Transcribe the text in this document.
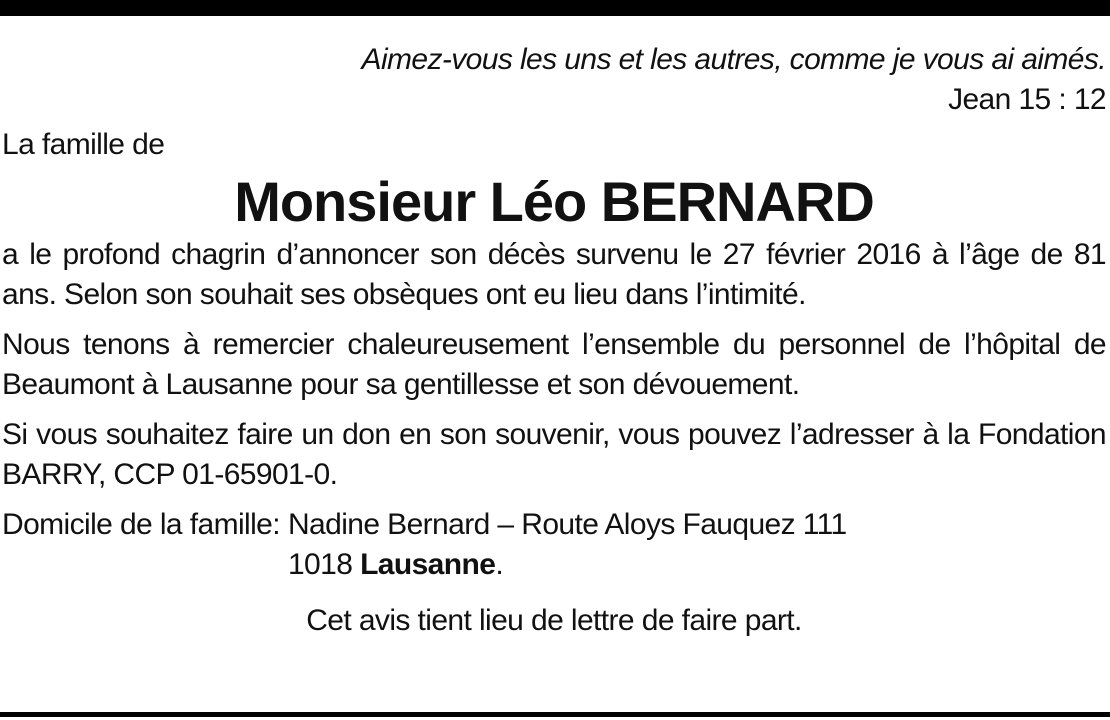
Aimez-vous les uns et les autres, comme je vous ai aimés.

Jean 15 : 12

La famille de

Monsieur Léo BERNARD

a le profond chagrin d’annoncer son décès survenu le 27 février 2016 à l’âge de 81 ans. Selon son souhait ses obsèques ont eu lieu dans l’intimité.

Nous tenons à remercier chaleureusement l’ensemble du personnel de l’hôpital de Beaumont à Lausanne pour sa gentillesse et son dévouement.

Si vous souhaitez faire un don en son souvenir, vous pouvez l’adresser à la Fondation BARRY, CCP 01-65901-0.

Domicile de la famille: Nadine Bernard – Route Aloys Fauquez 111
1018 Lausanne.

Cet avis tient lieu de lettre de faire part.
